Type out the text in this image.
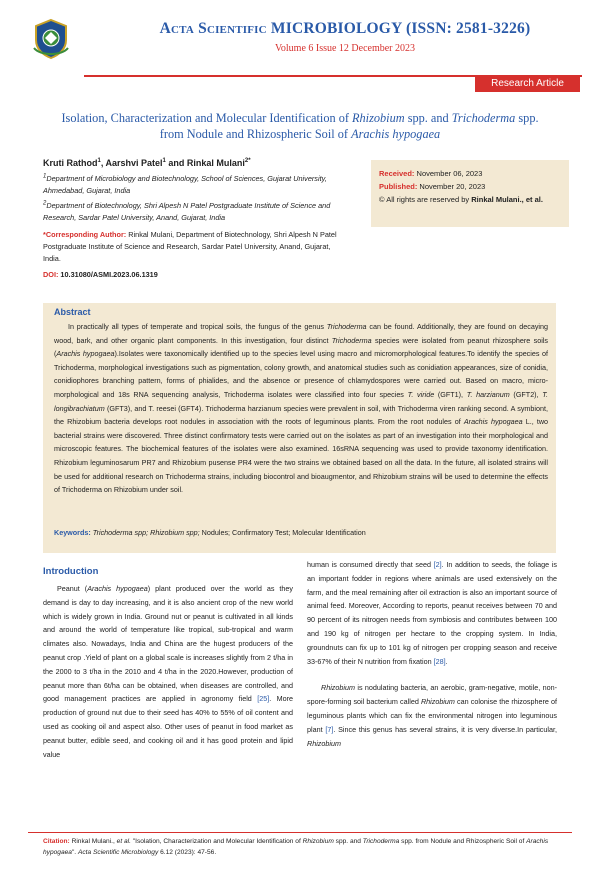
Acta Scientific MICROBIOLOGY (ISSN: 2581-3226)
Volume 6 Issue 12 December 2023
Research Article
Isolation, Characterization and Molecular Identification of Rhizobium spp. and Trichoderma spp.
from Nodule and Rhizospheric Soil of Arachis hypogaea
Kruti Rathod$^1$, Aarshvi Patel$^1$ and Rinkal Mulani$^{2*}$
$^1$Department of Microbiology and Biotechnology, School of Sciences, Gujarat University, Ahmedabad, Gujarat, India
$^2$Department of Biotechnology, Shri Alpesh N Patel Postgraduate Institute of Science and Research, Sardar Patel University, Anand, Gujarat, India
*Corresponding Author: Rinkal Mulani, Department of Biotechnology, Shri Alpesh N Patel Postgraduate Institute of Science and Research, Sardar Patel University, Anand, Gujarat, India.
DOI: 10.31080/ASMI.2023.06.1319
Received: November 06, 2023
Published: November 20, 2023
© All rights are reserved by Rinkal Mulani., et al.
Abstract

In practically all types of temperate and tropical soils, the fungus of the genus Trichoderma can be found. Additionally, they are found on decaying wood, bark, and other organic plant components. In this investigation, four distinct Trichoderma species were isolated from peanut rhizosphere soils (Arachis hypogaea).Isolates were taxonomically identified up to the species level using macro and micromorphological features.To identify the species of Trichoderma, morphological investigations such as pigmentation, colony growth, and anatomical studies such as conidiation appearances, size of conidia, conidiophores branching pattern, forms of phialides, and the absence or presence of chlamydospores were carried out. Based on macro, micro-morphological and 18s RNA sequencing analysis, Trichoderma isolates were classified into four species T. viride (GFT1), T. harzianum (GFT2), T. longibrachiatum (GFT3), and T. reesei (GFT4). Trichoderma harzianum species were prevalent in soil, with Trichoderma viren ranking second. A symbiont, the Rhizobium bacteria develops root nodules in association with the roots of leguminous plants. From the root nodules of Arachis hypogaea L., two bacterial strains were discovered. Three distinct confirmatory tests were carried out on the isolates as part of an investigation into their morphological and microscopic features. The biochemical features of the isolates were also examined. 16sRNA sequencing was used to provide taxonomy identification. Rhizobium leguminosarum PR7 and Rhizobium pusense PR4 were the two strains we obtained based on all the data. In the future, all isolated strains will be used for additional research on Trichoderma strains, including biocontrol and bioaugmentor, and Rhizobium strains will be used to determine the effects of Trichoderma on Rhizobium under soil.

Keywords: Trichoderma spp; Rhizobium spp; Nodules; Confirmatory Test; Molecular Identification
Introduction

Peanut (Arachis hypogaea) plant produced over the world as they demand is day to day increasing, and it is also ancient crop of the new world which is widely grown in India. Ground nut or peanut is cultivated in all kinds and around the world of temperature like tropical, sub-tropical and warm climates also. Nowadays, India and China are the hugest producers of the peanut crop .Yield of plant on a global scale is increases slightly from 2 t/ha in the 2000 to 3 t/ha in the 2010 and 4 t/ha in the 2020.However, production of peanut more than 6t/ha can be obtained, when diseases are controlled, and good management practices are applied in agronomy field [25]. More production of ground nut due to their seed has 40% to 55% of oil content and used as cooking oil and aspect also. Other uses of peanut in food market as peanut butter, edible seed, and cooking oil and it has good protein and lipid value

human is consumed directly that seed [2]. In addition to seeds, the foliage is an important fodder in regions where animals are used extensively on the farm, and the meal remaining after oil extraction is also an important source of animal feed. Moreover, According to reports, peanut receives between 70 and 90 percent of its nitrogen needs from symbiosis and contributes between 100 and 190 kg of nitrogen per hectare to the cropping system. In India, groundnuts can fix up to 101 kg of nitrogen per cropping season and receive 33-67% of their N nutrition from fixation [28].

Rhizobium is nodulating bacteria, an aerobic, gram-negative, motile, non-spore-forming soil bacterium called Rhizobium can colonise the rhizosphere of leguminous plants which can fix the environmental nitrogen into leguminous plant [7]. Since this genus has several strains, it is very diverse.In particular, Rhizobium

Citation: Rinkal Mulani., et al. "Isolation, Characterization and Molecular Identification of Rhizobium spp. and Trichoderma spp. from Nodule and Rhizospheric Soil of Arachis hypogaea". Acta Scientific Microbiology 6.12 (2023): 47-56.
